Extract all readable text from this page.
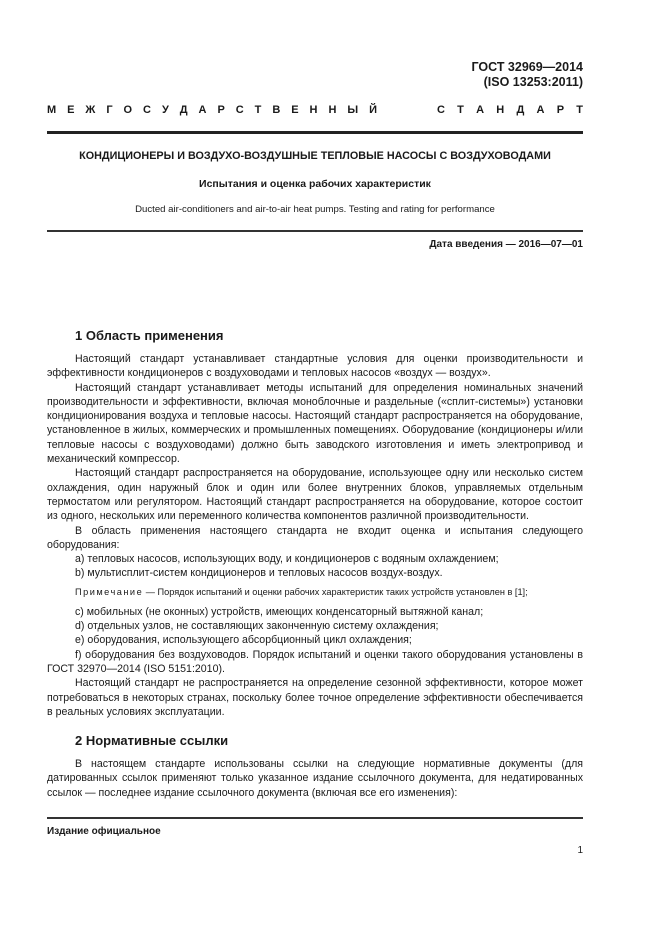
ГОСТ 32969—2014
(ISO 13253:2011)
М Е Ж Г О С У Д А Р С Т В Е Н Н Ы Й	С Т А Н Д А Р Т
КОНДИЦИОНЕРЫ И ВОЗДУХО-ВОЗДУШНЫЕ ТЕПЛОВЫЕ НАСОСЫ С ВОЗДУХОВОДАМИ
Испытания и оценка рабочих характеристик
Ducted air-conditioners and air-to-air heat pumps. Testing and rating for performance
Дата введения — 2016—07—01
1 Область применения

Настоящий стандарт устанавливает стандартные условия для оценки производительности и эффективности кондиционеров с воздуховодами и тепловых насосов «воздух — воздух».

Настоящий стандарт устанавливает методы испытаний для определения номинальных значений производительности и эффективности, включая моноблочные и раздельные («сплит-системы») установки кондиционирования воздуха и тепловые насосы. Настоящий стандарт распространяется на оборудование, установленное в жилых, коммерческих и промышленных помещениях. Оборудование (кондиционеры и/или тепловые насосы с воздуховодами) должно быть заводского изготовления и иметь электропривод и механический компрессор.

Настоящий стандарт распространяется на оборудование, использующее одну или несколько систем охлаждения, один наружный блок и один или более внутренних блоков, управляемых отдельным термостатом или регулятором. Настоящий стандарт распространяется на оборудование, которое состоит из одного, нескольких или переменного количества компонентов различной производительности.

В область применения настоящего стандарта не входит оценка и испытания следующего оборудования:

а) тепловых насосов, использующих воду, и кондиционеров с водяным охлаждением;

b) мультисплит-систем кондиционеров и тепловых насосов воздух-воздух.

Примечание — Порядок испытаний и оценки рабочих характеристик таких устройств установлен в [1];

с) мобильных (не оконных) устройств, имеющих конденсаторный вытяжной канал;

d) отдельных узлов, не составляющих законченную систему охлаждения;

е) оборудования, использующего абсорбционный цикл охлаждения;

f) оборудования без воздуховодов. Порядок испытаний и оценки такого оборудования установлены в ГОСТ 32970—2014 (ISO 5151:2010).

Настоящий стандарт не распространяется на определение сезонной эффективности, которое может потребоваться в некоторых странах, поскольку более точное определение эффективности обеспечивается в реальных условиях эксплуатации.

2 Нормативные ссылки

В настоящем стандарте использованы ссылки на следующие нормативные документы (для датированных ссылок применяют только указанное издание ссылочного документа, для недатированных ссылок — последнее издание ссылочного документа (включая все его изменения):

Издание официальное
1
